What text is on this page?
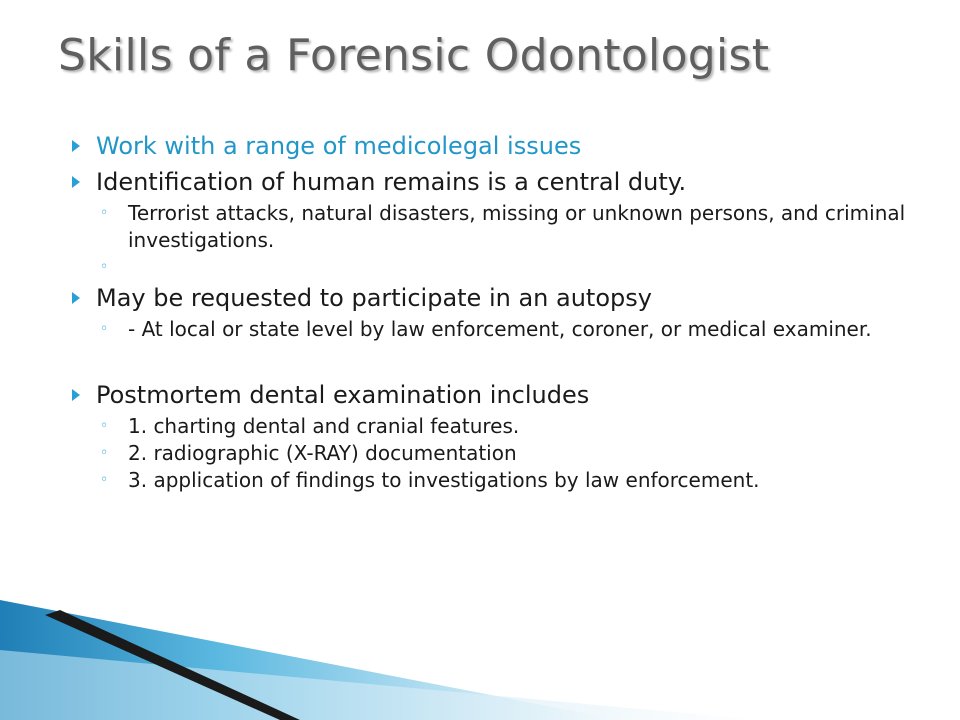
Skills of a Forensic Odontologist
Work with a range of medicolegal issues
Identification of human remains is a central duty.
◦ Terrorist attacks, natural disasters, missing or unknown persons, and criminal investigations.
◦
May be requested to participate in an autopsy
◦ - At local or state level by law enforcement, coroner, or medical examiner.
Postmortem dental examination includes
◦ 1. charting dental and cranial features.
◦ 2. radiographic (X-RAY) documentation
◦ 3. application of findings to investigations by law enforcement.
